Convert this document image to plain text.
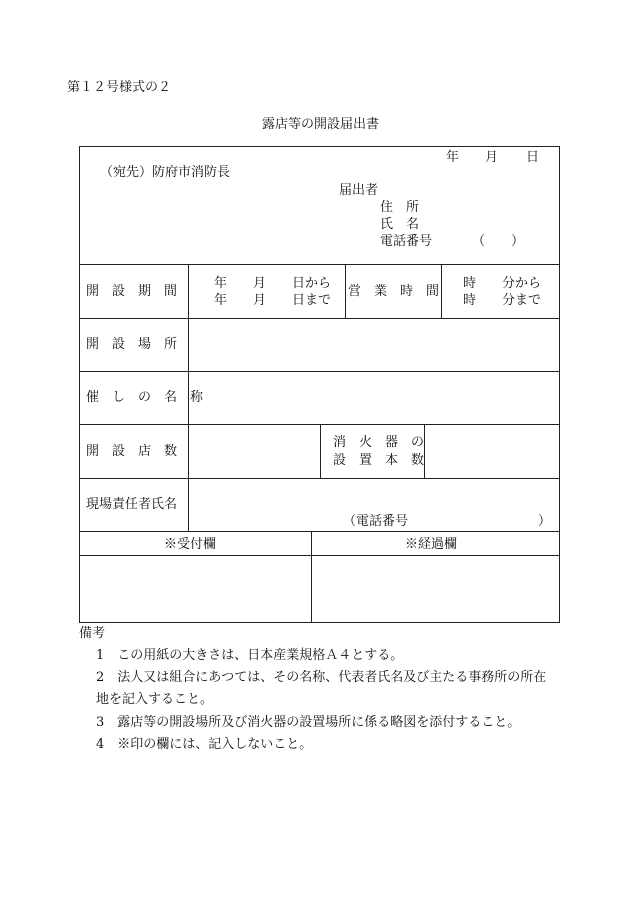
第１２号様式の２
露店等の開設届出書
年 月 日
（宛先）防府市消防長
届出者
住　所
氏　名
電話番号	（　　）
開　設　期　間
年　　月　　日から
年　　月　　日まで
営　業　時　間
時　　分から
時　　分まで
開　設　場　所
催　し　の　名　称
開　設　店　数
消　火　器　の
設　置　本　数
現場責任者氏名
（電話番号　　　　　　　　　　）
※受付欄	※経過欄
備考
1　この用紙の大きさは、日本産業規格Ａ４とする。
2　法人又は組合にあつては、その名称、代表者氏名及び主たる事務所の所在
地を記入すること。
3　露店等の開設場所及び消火器の設置場所に係る略図を添付すること。
4　※印の欄には、記入しないこと。
